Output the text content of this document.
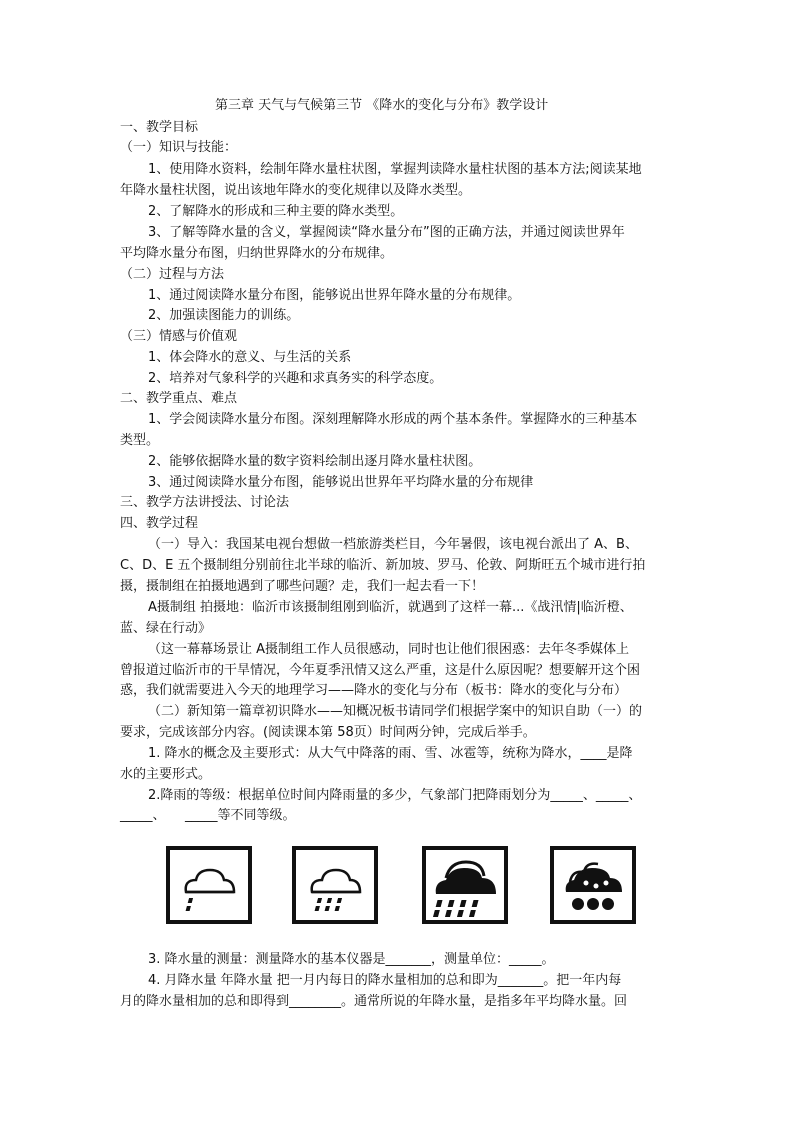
第三章 天气与气候第三节 《降水的变化与分布》教学设计
一、教学目标
（一）知识与技能：
1、使用降水资料，绘制年降水量柱状图，掌握判读降水量柱状图的基本方法;阅读某地
年降水量柱状图，说出该地年降水的变化规律以及降水类型。
2、了解降水的形成和三种主要的降水类型。
3、了解等降水量的含义，掌握阅读“降水量分布”图的正确方法，并通过阅读世界年
平均降水量分布图，归纳世界降水的分布规律。
（二）过程与方法
1、通过阅读降水量分布图，能够说出世界年降水量的分布规律。
2、加强读图能力的训练。
（三）情感与价值观
1、体会降水的意义、与生活的关系
2、培养对气象科学的兴趣和求真务实的科学态度。
二、教学重点、难点
1、学会阅读降水量分布图。深刻理解降水形成的两个基本条件。掌握降水的三种基本
类型。
2、能够依据降水量的数字资料绘制出逐月降水量柱状图。
3、通过阅读降水量分布图，能够说出世界年平均降水量的分布规律
三、教学方法讲授法、讨论法
四、教学过程
（一）导入：我国某电视台想做一档旅游类栏目，今年暑假，该电视台派出了 A、B、
C、D、E 五个摄制组分别前往北半球的临沂、新加坡、罗马、伦敦、阿斯旺五个城市进行拍
摄，摄制组在拍摄地遇到了哪些问题？走，我们一起去看一下！
A摄制组 拍摄地：临沂市该摄制组刚到临沂，就遇到了这样一幕...《战汛情|临沂橙、
蓝、绿在行动》
（这一幕幕场景让 A摄制组工作人员很感动，同时也让他们很困惑：去年冬季媒体上
曾报道过临沂市的干旱情况，今年夏季汛情又这么严重，这是什么原因呢？想要解开这个困
惑，我们就需要进入今天的地理学习——降水的变化与分布（板书：降水的变化与分布）
（二）新知第一篇章初识降水——知概况板书请同学们根据学案中的知识自助（一）的
要求，完成该部分内容。(阅读课本第 58页）时间两分钟，完成后举手。
1. 降水的概念及主要形式：从大气中降落的雨、雪、冰雹等，统称为降水，____是降
水的主要形式。
2.降雨的等级：根据单位时间内降雨量的多少，气象部门把降雨划分为_____、_____、
_____、　　_____等不同等级。
3. 降水量的测量：测量降水的基本仪器是_______，测量单位：_____。
4. 月降水量 年降水量 把一月内每日的降水量相加的总和即为_______。把一年内每
月的降水量相加的总和即得到________。通常所说的年降水量，是指多年平均降水量。回
